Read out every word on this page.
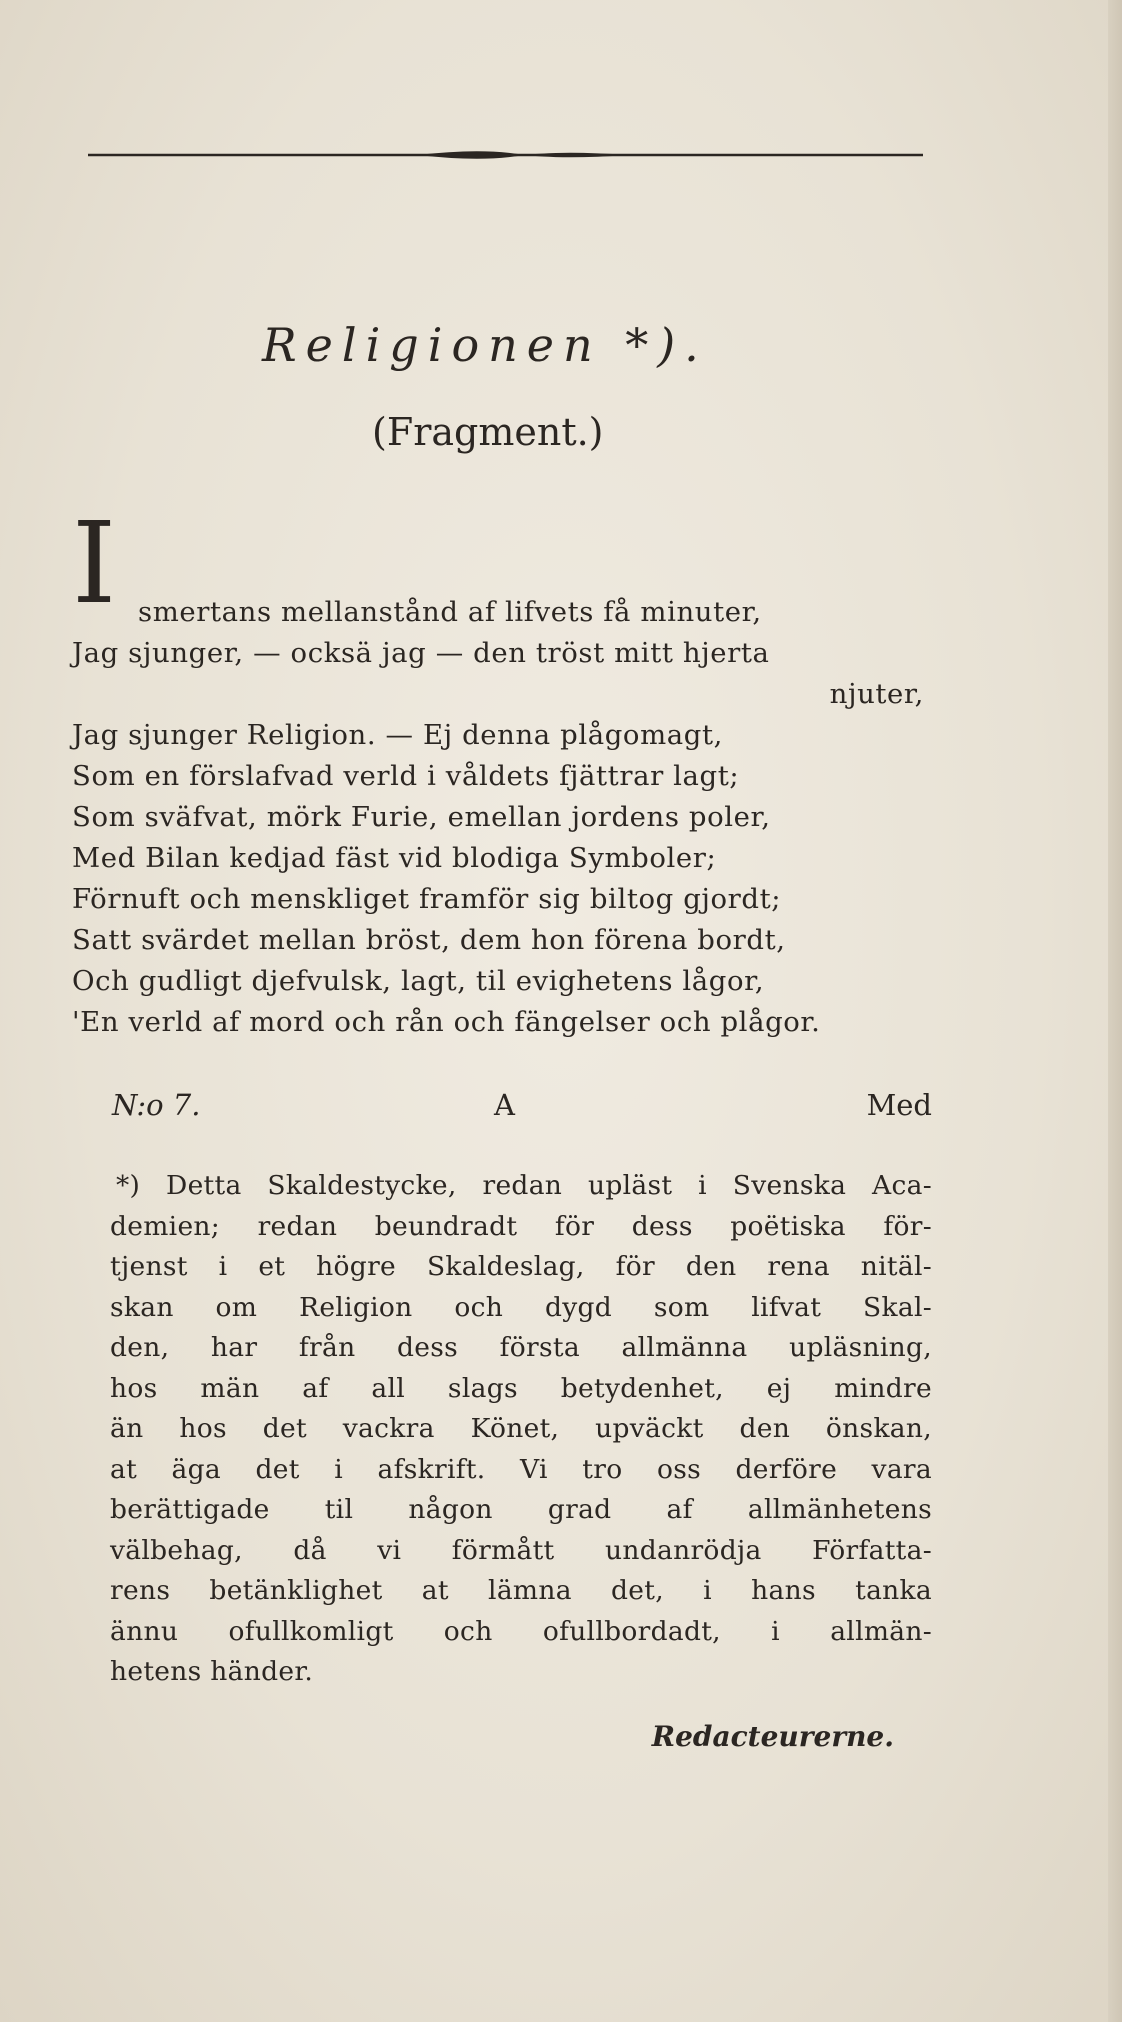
Religionen *).
(Fragment.)
I smertans mellanstånd af lifvets få minuter,
Jag sjunger, — ocksä jag — den tröst mitt hjerta
njuter,
Jag sjunger Religion. — Ej denna plågomagt,
Som en förslafvad verld i våldets fjättrar lagt;
Som sväfvat, mörk Furie, emellan jordens poler,
Med Bilan kedjad fäst vid blodiga Symboler;
Förnuft och menskliget framför sig biltog gjordt;
Satt svärdet mellan bröst, dem hon förena bordt,
Och gudligt djefvulsk, lagt, til evighetens lågor,
'En verld af mord och rån och fängelser och plågor.
N:o 7.	A	Med
*) Detta Skaldestycke, redan upläst i Svenska Aca-
demien; redan beundradt för dess poëtiska för-
tjenst i et högre Skaldeslag, för den rena nitäl-
skan om Religion och dygd som lifvat Skal-
den, har från dess första allmänna upläsning,
hos män af all slags betydenhet, ej mindre
än hos det vackra Könet, upväckt den önskan,
at äga det i afskrift. Vi tro oss derföre vara
berättigade til någon grad af allmänhetens
välbehag, då vi förmått undanrödja Författa-
rens betänklighet at lämna det, i hans tanka
ännu ofullkomligt och ofullbordadt, i allmän-
hetens händer.
Redacteurerne.
